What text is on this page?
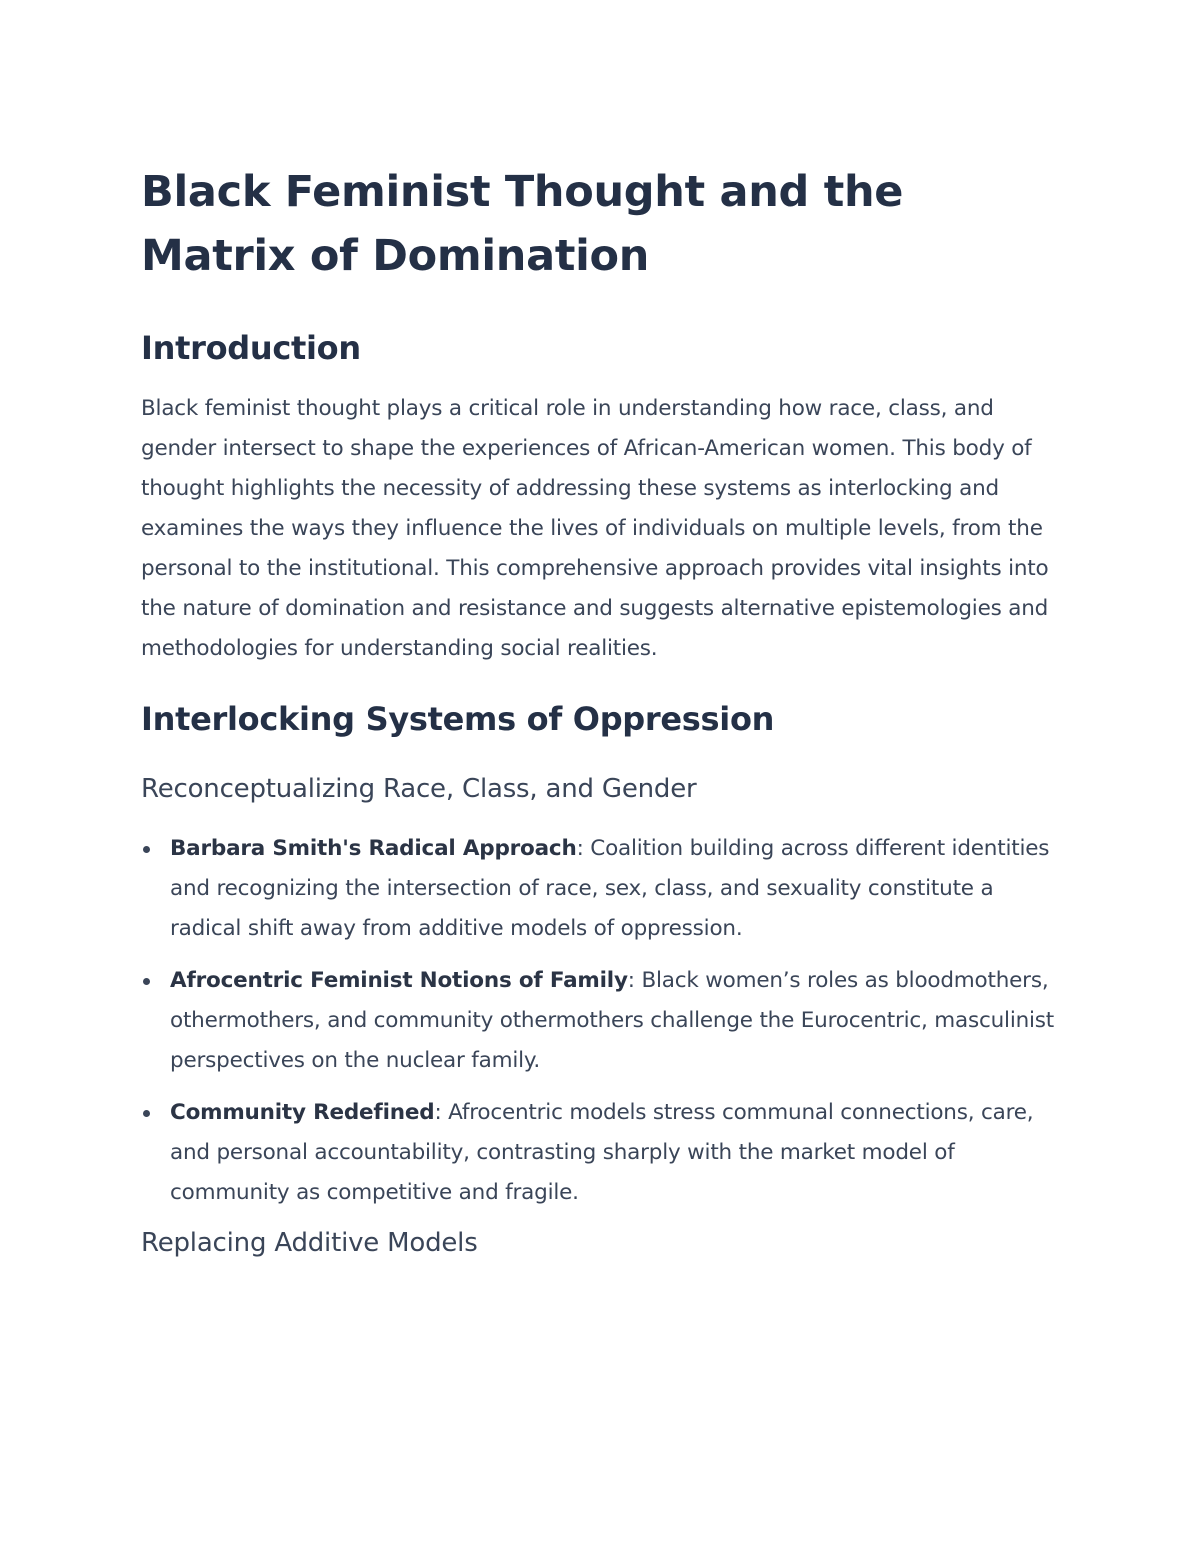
Black Feminist Thought and the Matrix of Domination
Introduction

Black feminist thought plays a critical role in understanding how race, class, and gender intersect to shape the experiences of African-American women. This body of thought highlights the necessity of addressing these systems as interlocking and examines the ways they influence the lives of individuals on multiple levels, from the personal to the institutional. This comprehensive approach provides vital insights into the nature of domination and resistance and suggests alternative epistemologies and methodologies for understanding social realities.

Interlocking Systems of Oppression
Reconceptualizing Race, Class, and Gender
Barbara Smith's Radical Approach: Coalition building across different identities and recognizing the intersection of race, sex, class, and sexuality constitute a radical shift away from additive models of oppression.
Afrocentric Feminist Notions of Family: Black women’s roles as bloodmothers, othermothers, and community othermothers challenge the Eurocentric, masculinist perspectives on the nuclear family.
Community Redefined: Afrocentric models stress communal connections, care, and personal accountability, contrasting sharply with the market model of community as competitive and fragile.
Replacing Additive Models
